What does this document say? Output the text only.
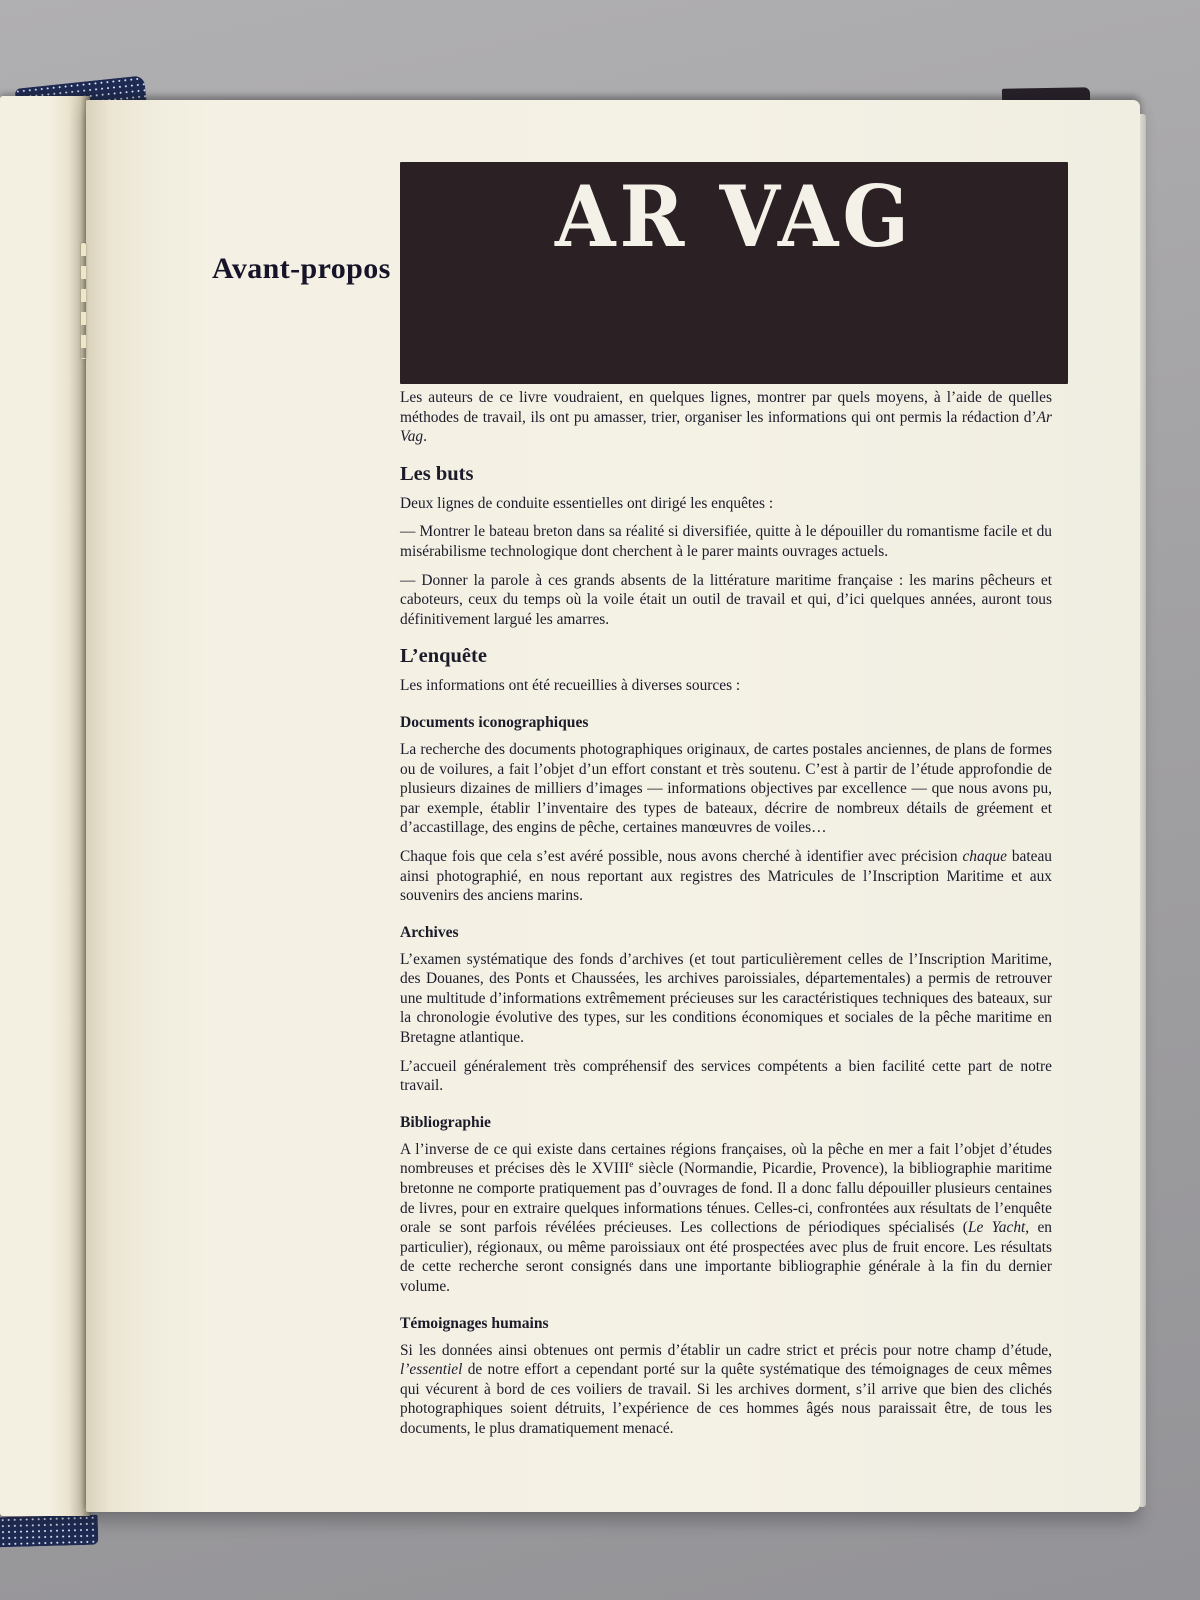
Avant-propos
AR VAG

Les auteurs de ce livre voudraient, en quelques lignes, montrer par quels moyens, à l’aide de quelles méthodes de travail, ils ont pu amasser, trier, organiser les informations qui ont permis la rédaction d’Ar Vag.

Les buts

Deux lignes de conduite essentielles ont dirigé les enquêtes :

— Montrer le bateau breton dans sa réalité si diversifiée, quitte à le dépouiller du romantisme facile et du misérabilisme technologique dont cherchent à le parer maints ouvrages actuels.

— Donner la parole à ces grands absents de la littérature maritime française : les marins pêcheurs et caboteurs, ceux du temps où la voile était un outil de travail et qui, d’ici quelques années, auront tous définitivement largué les amarres.

L’enquête

Les informations ont été recueillies à diverses sources :

Documents iconographiques

La recherche des documents photographiques originaux, de cartes postales anciennes, de plans de formes ou de voilures, a fait l’objet d’un effort constant et très soutenu. C’est à partir de l’étude approfondie de plusieurs dizaines de milliers d’images — informations objectives par excellence — que nous avons pu, par exemple, établir l’inventaire des types de bateaux, décrire de nombreux détails de gréement et d’accastillage, des engins de pêche, certaines manœuvres de voiles…

Chaque fois que cela s’est avéré possible, nous avons cherché à identifier avec précision chaque bateau ainsi photographié, en nous reportant aux registres des Matricules de l’Inscription Maritime et aux souvenirs des anciens marins.

Archives

L’examen systématique des fonds d’archives (et tout particulièrement celles de l’Inscription Maritime, des Douanes, des Ponts et Chaussées, les archives paroissiales, départementales) a permis de retrouver une multitude d’informations extrêmement précieuses sur les caractéristiques techniques des bateaux, sur la chronologie évolutive des types, sur les conditions économiques et sociales de la pêche maritime en Bretagne atlantique.

L’accueil généralement très compréhensif des services compétents a bien facilité cette part de notre travail.

Bibliographie

A l’inverse de ce qui existe dans certaines régions françaises, où la pêche en mer a fait l’objet d’études nombreuses et précises dès le XVIIIe siècle (Normandie, Picardie, Provence), la bibliographie maritime bretonne ne comporte pratiquement pas d’ouvrages de fond. Il a donc fallu dépouiller plusieurs centaines de livres, pour en extraire quelques informations ténues. Celles-ci, confrontées aux résultats de l’enquête orale se sont parfois révélées précieuses. Les collections de périodiques spécialisés (Le Yacht, en particulier), régionaux, ou même paroissiaux ont été prospectées avec plus de fruit encore. Les résultats de cette recherche seront consignés dans une importante bibliographie générale à la fin du dernier volume.

Témoignages humains

Si les données ainsi obtenues ont permis d’établir un cadre strict et précis pour notre champ d’étude, l’essentiel de notre effort a cependant porté sur la quête systématique des témoignages de ceux mêmes qui vécurent à bord de ces voiliers de travail. Si les archives dorment, s’il arrive que bien des clichés photographiques soient détruits, l’expérience de ces hommes âgés nous paraissait être, de tous les documents, le plus dramatiquement menacé.
